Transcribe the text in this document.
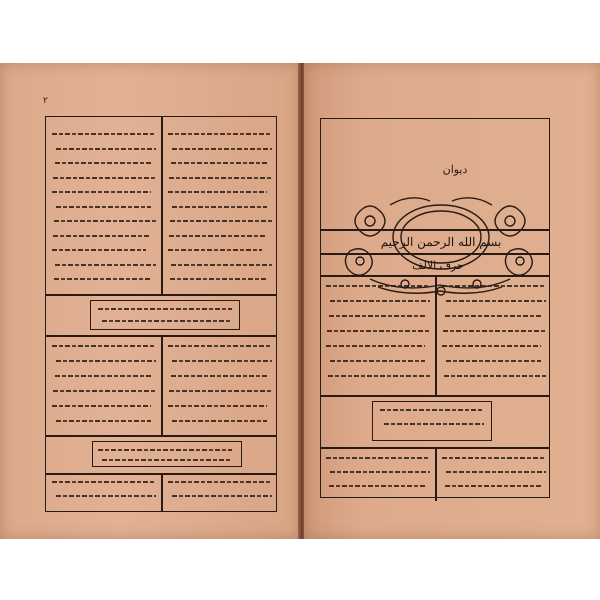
۲
دیوان
بسم الله الرحمن الرحیم
حرف الالف
